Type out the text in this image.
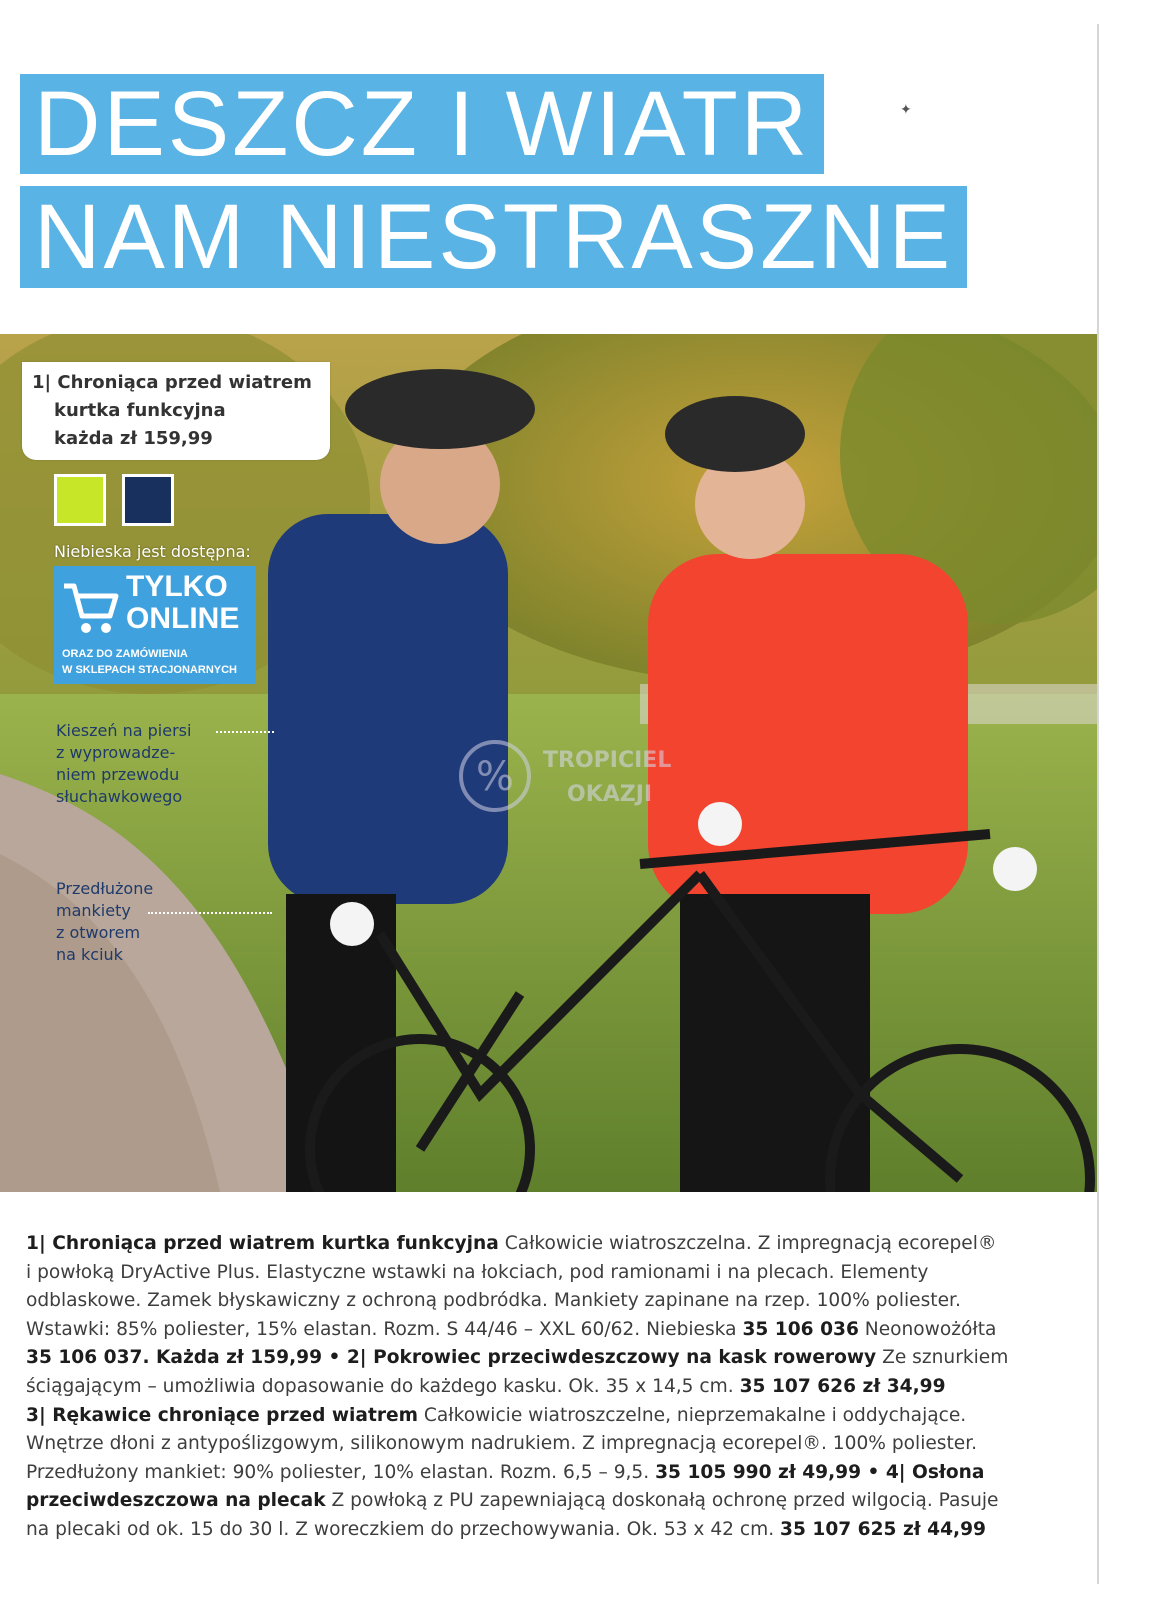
DESZCZ I WIATR
NAM NIESTRASZNE
✦
1| Chroniąca przed wiatrem
kurtka funkcyjna
każda zł 159,99
Niebieska jest dostępna:
TYLKO
ONLINE
ORAZ DO ZAMÓWIENIA
W SKLEPACH STACJONARNYCH
Kieszeń na piersi
z wyprowadze-
niem przewodu
słuchawkowego
Przedłużone
mankiety
z otworem
na kciuk
% TROPICIEL
OKAZJI
1| Chroniąca przed wiatrem kurtka funkcyjna Całkowicie wiatroszczelna. Z impregnacją ecorepel®
i powłoką DryActive Plus. Elastyczne wstawki na łokciach, pod ramionami i na plecach. Elementy
odblaskowe. Zamek błyskawiczny z ochroną podbródka. Mankiety zapinane na rzep. 100% poliester.
Wstawki: 85% poliester, 15% elastan. Rozm. S 44/46 – XXL 60/62. Niebieska 35 106 036 Neonowożółta
35 106 037. Każda zł 159,99 • 2| Pokrowiec przeciwdeszczowy na kask rowerowy Ze sznurkiem
ściągającym – umożliwia dopasowanie do każdego kasku. Ok. 35 x 14,5 cm. 35 107 626 zł 34,99
3| Rękawice chroniące przed wiatrem Całkowicie wiatroszczelne, nieprzemakalne i oddychające.
Wnętrze dłoni z antypoślizgowym, silikonowym nadrukiem. Z impregnacją ecorepel®. 100% poliester.
Przedłużony mankiet: 90% poliester, 10% elastan. Rozm. 6,5 – 9,5. 35 105 990 zł 49,99 • 4| Osłona
przeciwdeszczowa na plecak Z powłoką z PU zapewniającą doskonałą ochronę przed wilgocią. Pasuje
na plecaki od ok. 15 do 30 l. Z woreczkiem do przechowywania. Ok. 53 x 42 cm. 35 107 625 zł 44,99
